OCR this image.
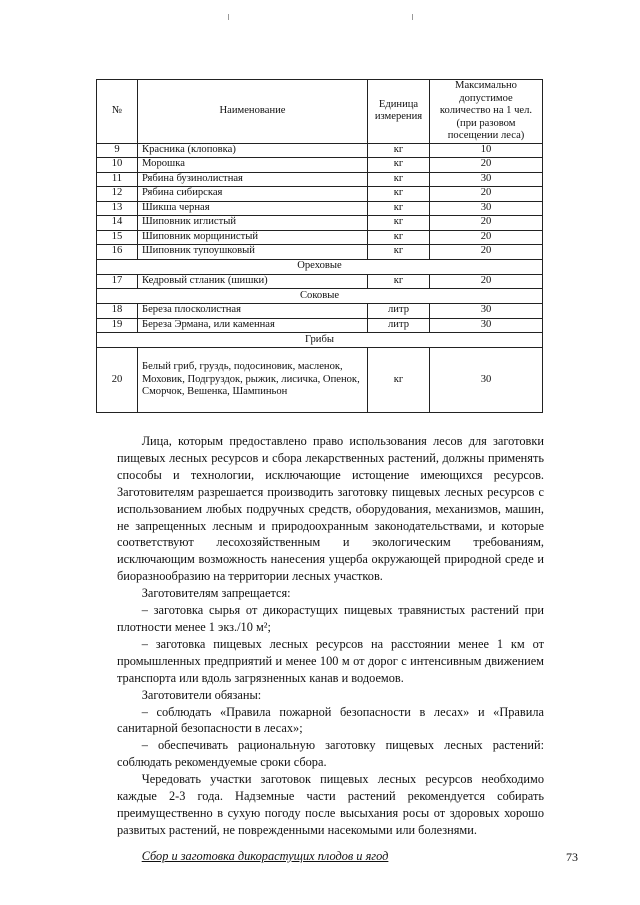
№	Наименование	Единица измерения	Максимально допустимое количество на 1 чел. (при разовом посещении леса)
9	Красника (клоповка)	кг	10
10	Морошка	кг	20
11	Рябина бузинолистная	кг	30
12	Рябина сибирская	кг	20
13	Шикша черная	кг	30
14	Шиповник иглистый	кг	20
15	Шиповник морщинистый	кг	20
16	Шиповник тупоушковый	кг	20
Ореховые			
17	Кедровый стланик (шишки)	кг	20
Соковые			
18	Береза плосколистная	литр	30
19	Береза Эрмана, или каменная	литр	30
Грибы			
20	Белый гриб, груздь, подосиновик, масленок, Моховик, Подгруздок, рыжик, лисичка, Опенок, Сморчок, Вешенка, Шампиньон	кг	30

Лица, которым предоставлено право использования лесов для заготовки пищевых лесных ресурсов и сбора лекарственных растений, должны применять способы и технологии, исключающие истощение имеющихся ресурсов. Заготовителям разрешается производить заготовку пищевых лесных ресурсов с использованием любых подручных средств, оборудования, механизмов, машин, не запрещенных лесным и природоохранным законодательствами, и которые соответствуют лесохозяйственным и экологическим требованиям, исключающим возможность нанесения ущерба окружающей природной среде и биоразнообразию на территории лесных участков.

Заготовителям запрещается:

– заготовка сырья от дикорастущих пищевых травянистых растений при плотности менее 1 экз./10 м²;

– заготовка пищевых лесных ресурсов на расстоянии менее 1 км от промышленных предприятий и менее 100 м от дорог с интенсивным движением транспорта или вдоль загрязненных канав и водоемов.

Заготовители обязаны:

– соблюдать «Правила пожарной безопасности в лесах» и «Правила санитарной безопасности в лесах»;

– обеспечивать рациональную заготовку пищевых лесных растений: соблюдать рекомендуемые сроки сбора.

Чередовать участки заготовок пищевых лесных ресурсов необходимо каждые 2-3 года. Надземные части растений рекомендуется собирать преимущественно в сухую погоду после высыхания росы от здоровых хорошо развитых растений, не поврежденными насекомыми или болезнями.

Сбор и заготовка дикорастущих плодов и ягод	73
